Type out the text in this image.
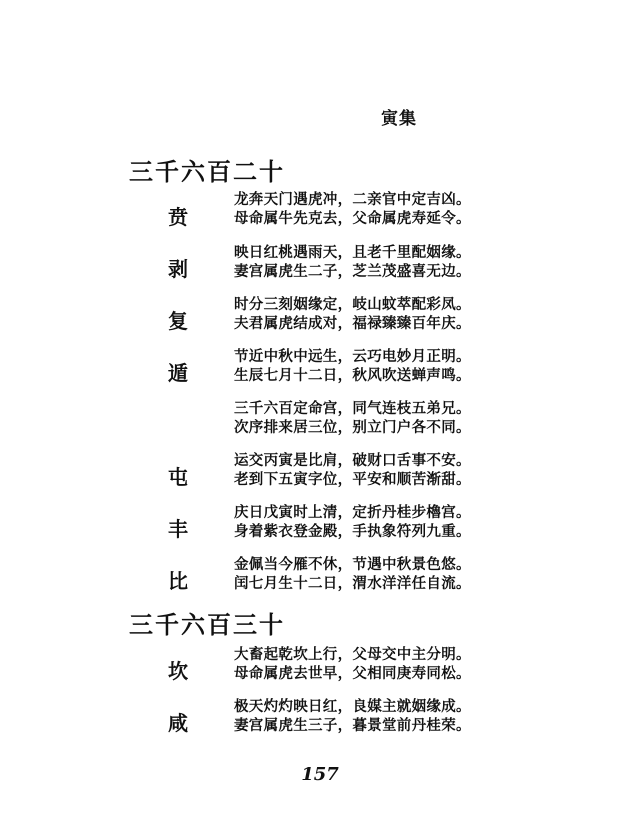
寅集
三千六百二十
贲
龙奔天门遇虎冲，二亲官中定吉凶。
母命属牛先克去，父命属虎寿延令。
剥
映日红桃遇雨天，且老千里配姻缘。
妻宫属虎生二子，芝兰茂盛喜无边。
复
时分三刻姻缘定，岐山蚊萃配彩凤。
夫君属虎结成对，福禄臻臻百年庆。
遁
节近中秋中远生，云巧电妙月正明。
生辰七月十二日，秋风吹送蝉声鸣。
三千六百定命宫，同气连枝五弟兄。
次序排来居三位，别立门户各不同。
屯
运交丙寅是比肩，破财口舌事不安。
老到下五寅字位，平安和顺苦渐甜。
丰
庆日戊寅时上清，定折丹桂步櫓宫。
身着紫衣登金殿，手执象符列九重。
比
金佩当今雁不休，节遇中秋景色悠。
闰七月生十二日，渭水洋洋任自流。
三千六百三十
坎
大畜起乾坎上行，父母交中主分明。
母命属虎去世早，父相同庚寿同松。
咸
极天灼灼映日红，良媒主就姻缘成。
妻宫属虎生三子，暮景堂前丹桂荣。
157
